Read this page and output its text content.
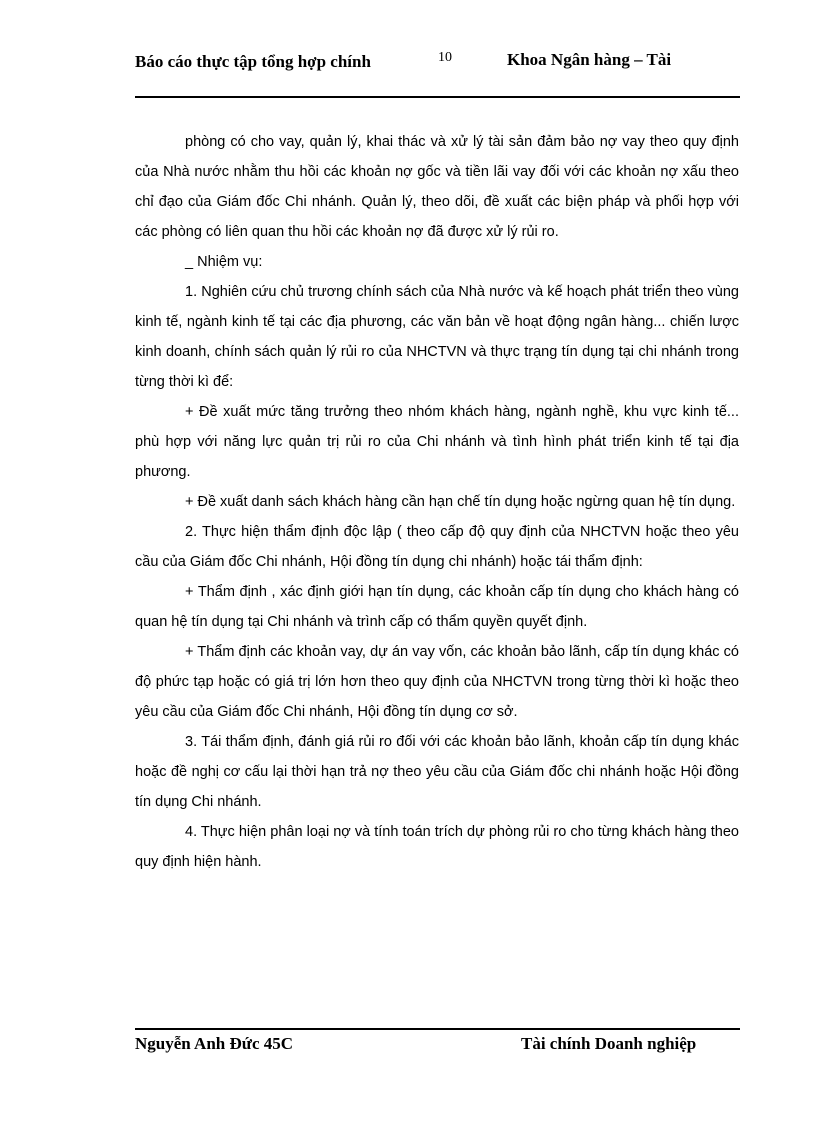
Báo cáo thực tập tổng hợp chính	10	Khoa Ngân hàng – Tài

phòng có cho vay, quản lý, khai thác và xử lý tài sản đảm bảo nợ vay theo quy định của Nhà nước nhằm thu hồi các khoản nợ gốc và tiền lãi vay đối với các khoản nợ xấu theo chỉ đạo của Giám đốc Chi nhánh. Quản lý, theo dõi, đề xuất các biện pháp và phối hợp với các phòng có liên quan thu hồi các khoản nợ đã được xử lý rủi ro.

_ Nhiệm vụ:

1. Nghiên cứu chủ trương chính sách của Nhà nước và kế hoạch phát triển theo vùng kinh tế, ngành kinh tế tại các địa phương, các văn bản về hoạt động ngân hàng... chiến lược kinh doanh, chính sách quản lý rủi ro của NHCTVN và thực trạng tín dụng tại chi nhánh trong từng thời kì để:

+ Đề xuất mức tăng trưởng theo nhóm khách hàng, ngành nghề, khu vực kinh tế... phù hợp với năng lực quản trị rủi ro của Chi nhánh và tình hình phát triển kinh tế tại địa phương.

+ Đề xuất danh sách khách hàng cần hạn chế tín dụng hoặc ngừng quan hệ tín dụng.

2. Thực hiện thẩm định độc lập ( theo cấp độ quy định của NHCTVN hoặc theo yêu cầu của Giám đốc Chi nhánh, Hội đồng tín dụng chi nhánh) hoặc tái thẩm định:

+ Thẩm định , xác định giới hạn tín dụng, các khoản cấp tín dụng cho khách hàng có quan hệ tín dụng tại Chi nhánh và trình cấp có thẩm quyền quyết định.

+ Thẩm định các khoản vay, dự án vay vốn, các khoản bảo lãnh, cấp tín dụng khác có độ phức tạp hoặc có giá trị lớn hơn theo quy định của NHCTVN trong từng thời kì hoặc theo yêu cầu của Giám đốc Chi nhánh, Hội đồng tín dụng cơ sở.

3. Tái thẩm định, đánh giá rủi ro đối với các khoản bảo lãnh, khoản cấp tín dụng khác hoặc đề nghị cơ cấu lại thời hạn trả nợ theo yêu cầu của Giám đốc chi nhánh hoặc Hội đồng tín dụng Chi nhánh.

4. Thực hiện phân loại nợ và tính toán trích dự phòng rủi ro cho từng khách hàng theo quy định hiện hành.

Nguyễn Anh Đức 45C	Tài chính Doanh nghiệp
